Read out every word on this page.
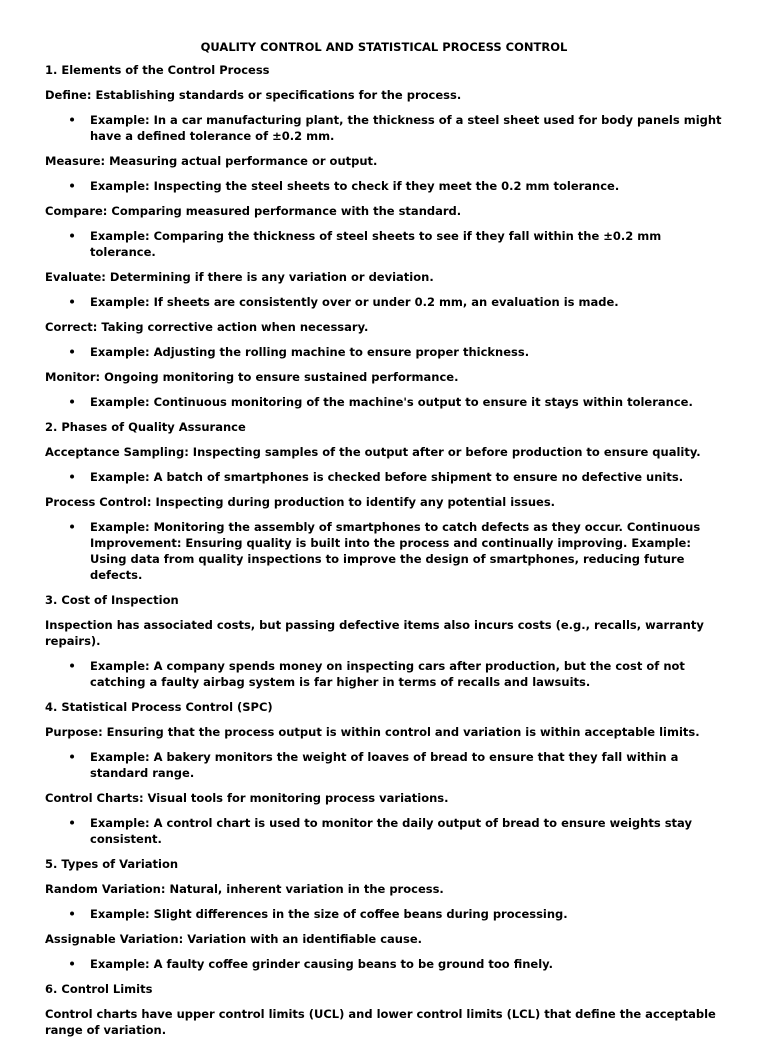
QUALITY CONTROL AND STATISTICAL PROCESS CONTROL
1. Elements of the Control Process
Define: Establishing standards or specifications for the process.
• Example: In a car manufacturing plant, the thickness of a steel sheet used for body panels might have a defined tolerance of ±0.2 mm.
Measure: Measuring actual performance or output.
• Example: Inspecting the steel sheets to check if they meet the 0.2 mm tolerance.
Compare: Comparing measured performance with the standard.
• Example: Comparing the thickness of steel sheets to see if they fall within the ±0.2 mm tolerance.
Evaluate: Determining if there is any variation or deviation.
• Example: If sheets are consistently over or under 0.2 mm, an evaluation is made.
Correct: Taking corrective action when necessary.
• Example: Adjusting the rolling machine to ensure proper thickness.
Monitor: Ongoing monitoring to ensure sustained performance.
• Example: Continuous monitoring of the machine's output to ensure it stays within tolerance.
2. Phases of Quality Assurance
Acceptance Sampling: Inspecting samples of the output after or before production to ensure quality.
• Example: A batch of smartphones is checked before shipment to ensure no defective units.
Process Control: Inspecting during production to identify any potential issues.
• Example: Monitoring the assembly of smartphones to catch defects as they occur. Continuous Improvement: Ensuring quality is built into the process and continually improving. Example: Using data from quality inspections to improve the design of smartphones, reducing future defects.
3. Cost of Inspection
Inspection has associated costs, but passing defective items also incurs costs (e.g., recalls, warranty repairs).
• Example: A company spends money on inspecting cars after production, but the cost of not catching a faulty airbag system is far higher in terms of recalls and lawsuits.
4. Statistical Process Control (SPC)
Purpose: Ensuring that the process output is within control and variation is within acceptable limits.
• Example: A bakery monitors the weight of loaves of bread to ensure that they fall within a standard range.
Control Charts: Visual tools for monitoring process variations.
• Example: A control chart is used to monitor the daily output of bread to ensure weights stay consistent.
5. Types of Variation
Random Variation: Natural, inherent variation in the process.
• Example: Slight differences in the size of coffee beans during processing.
Assignable Variation: Variation with an identifiable cause.
• Example: A faulty coffee grinder causing beans to be ground too finely.
6. Control Limits
Control charts have upper control limits (UCL) and lower control limits (LCL) that define the acceptable range of variation.
